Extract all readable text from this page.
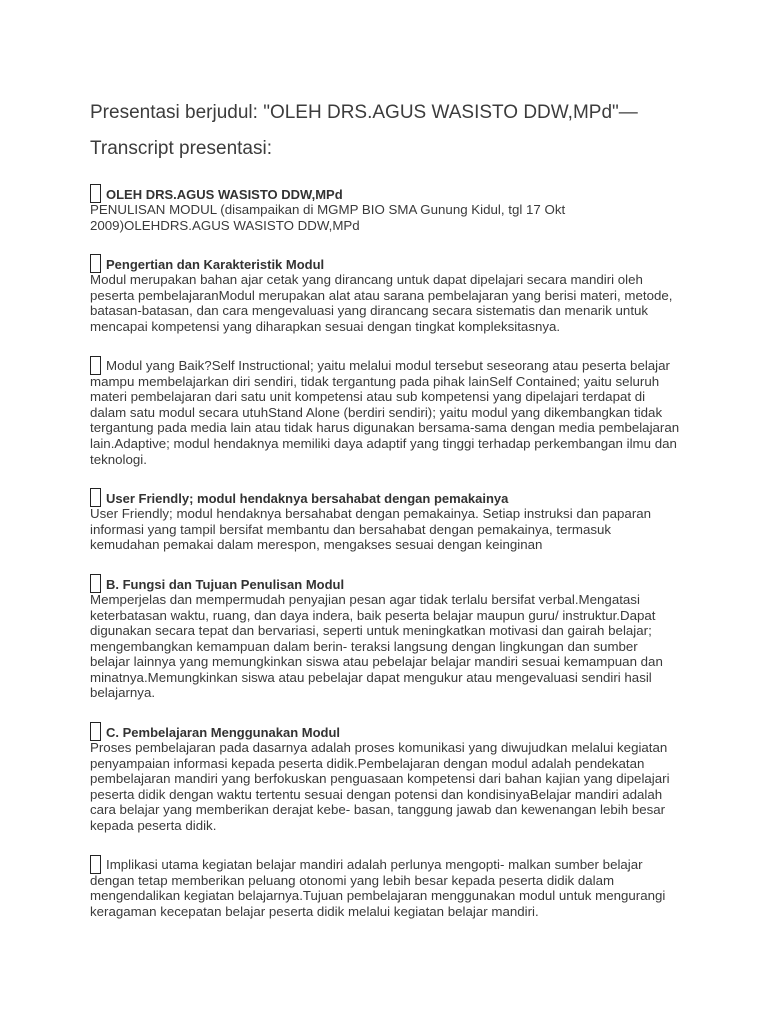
Presentasi berjudul: "OLEH DRS.AGUS WASISTO DDW,MPd"—
Transcript presentasi:
OLEH DRS.AGUS WASISTO DDW,MPd

PENULISAN MODUL (disampaikan di MGMP BIO SMA Gunung Kidul, tgl 17 Okt 2009)OLEHDRS.AGUS WASISTO DDW,MPd

Pengertian dan Karakteristik Modul

Modul merupakan bahan ajar cetak yang dirancang untuk dapat dipelajari secara mandiri oleh peserta pembelajaranModul merupakan alat atau sarana pembelajaran yang berisi materi, metode, batasan-batasan, dan cara mengevaluasi yang dirancang secara sistematis dan menarik untuk mencapai kompetensi yang diharapkan sesuai dengan tingkat kompleksitasnya.

Modul yang Baik?Self Instructional; yaitu melalui modul tersebut seseorang atau peserta belajar

mampu membelajarkan diri sendiri, tidak tergantung pada pihak lainSelf Contained; yaitu seluruh materi pembelajaran dari satu unit kompetensi atau sub kompetensi yang dipelajari terdapat di dalam satu modul secara utuhStand Alone (berdiri sendiri); yaitu modul yang dikembangkan tidak tergantung pada media lain atau tidak harus digunakan bersama-sama dengan media pembelajaran lain.Adaptive; modul hendaknya memiliki daya adaptif yang tinggi terhadap perkembangan ilmu dan teknologi.

User Friendly; modul hendaknya bersahabat dengan pemakainya

User Friendly; modul hendaknya bersahabat dengan pemakainya. Setiap instruksi dan paparan informasi yang tampil bersifat membantu dan bersahabat dengan pemakainya, termasuk kemudahan pemakai dalam merespon, mengakses sesuai dengan keinginan

B. Fungsi dan Tujuan Penulisan Modul

Memperjelas dan mempermudah penyajian pesan agar tidak terlalu bersifat verbal.Mengatasi keterbatasan waktu, ruang, dan daya indera, baik peserta belajar maupun guru/ instruktur.Dapat digunakan secara tepat dan bervariasi, seperti untuk meningkatkan motivasi dan gairah belajar; mengembangkan kemampuan dalam berin- teraksi langsung dengan lingkungan dan sumber belajar lainnya yang memungkinkan siswa atau pebelajar belajar mandiri sesuai kemampuan dan minatnya.Memungkinkan siswa atau pebelajar dapat mengukur atau mengevaluasi sendiri hasil belajarnya.

C. Pembelajaran Menggunakan Modul

Proses pembelajaran pada dasarnya adalah proses komunikasi yang diwujudkan melalui kegiatan penyampaian informasi kepada peserta didik.Pembelajaran dengan modul adalah pendekatan pembelajaran mandiri yang berfokuskan penguasaan kompetensi dari bahan kajian yang dipelajari peserta didik dengan waktu tertentu sesuai dengan potensi dan kondisinyaBelajar mandiri adalah cara belajar yang memberikan derajat kebe- basan, tanggung jawab dan kewenangan lebih besar kepada peserta didik.

Implikasi utama kegiatan belajar mandiri adalah perlunya mengopti- malkan sumber belajar

dengan tetap memberikan peluang otonomi yang lebih besar kepada peserta didik dalam mengendalikan kegiatan belajarnya.Tujuan pembelajaran menggunakan modul untuk mengurangi keragaman kecepatan belajar peserta didik melalui kegiatan belajar mandiri.
